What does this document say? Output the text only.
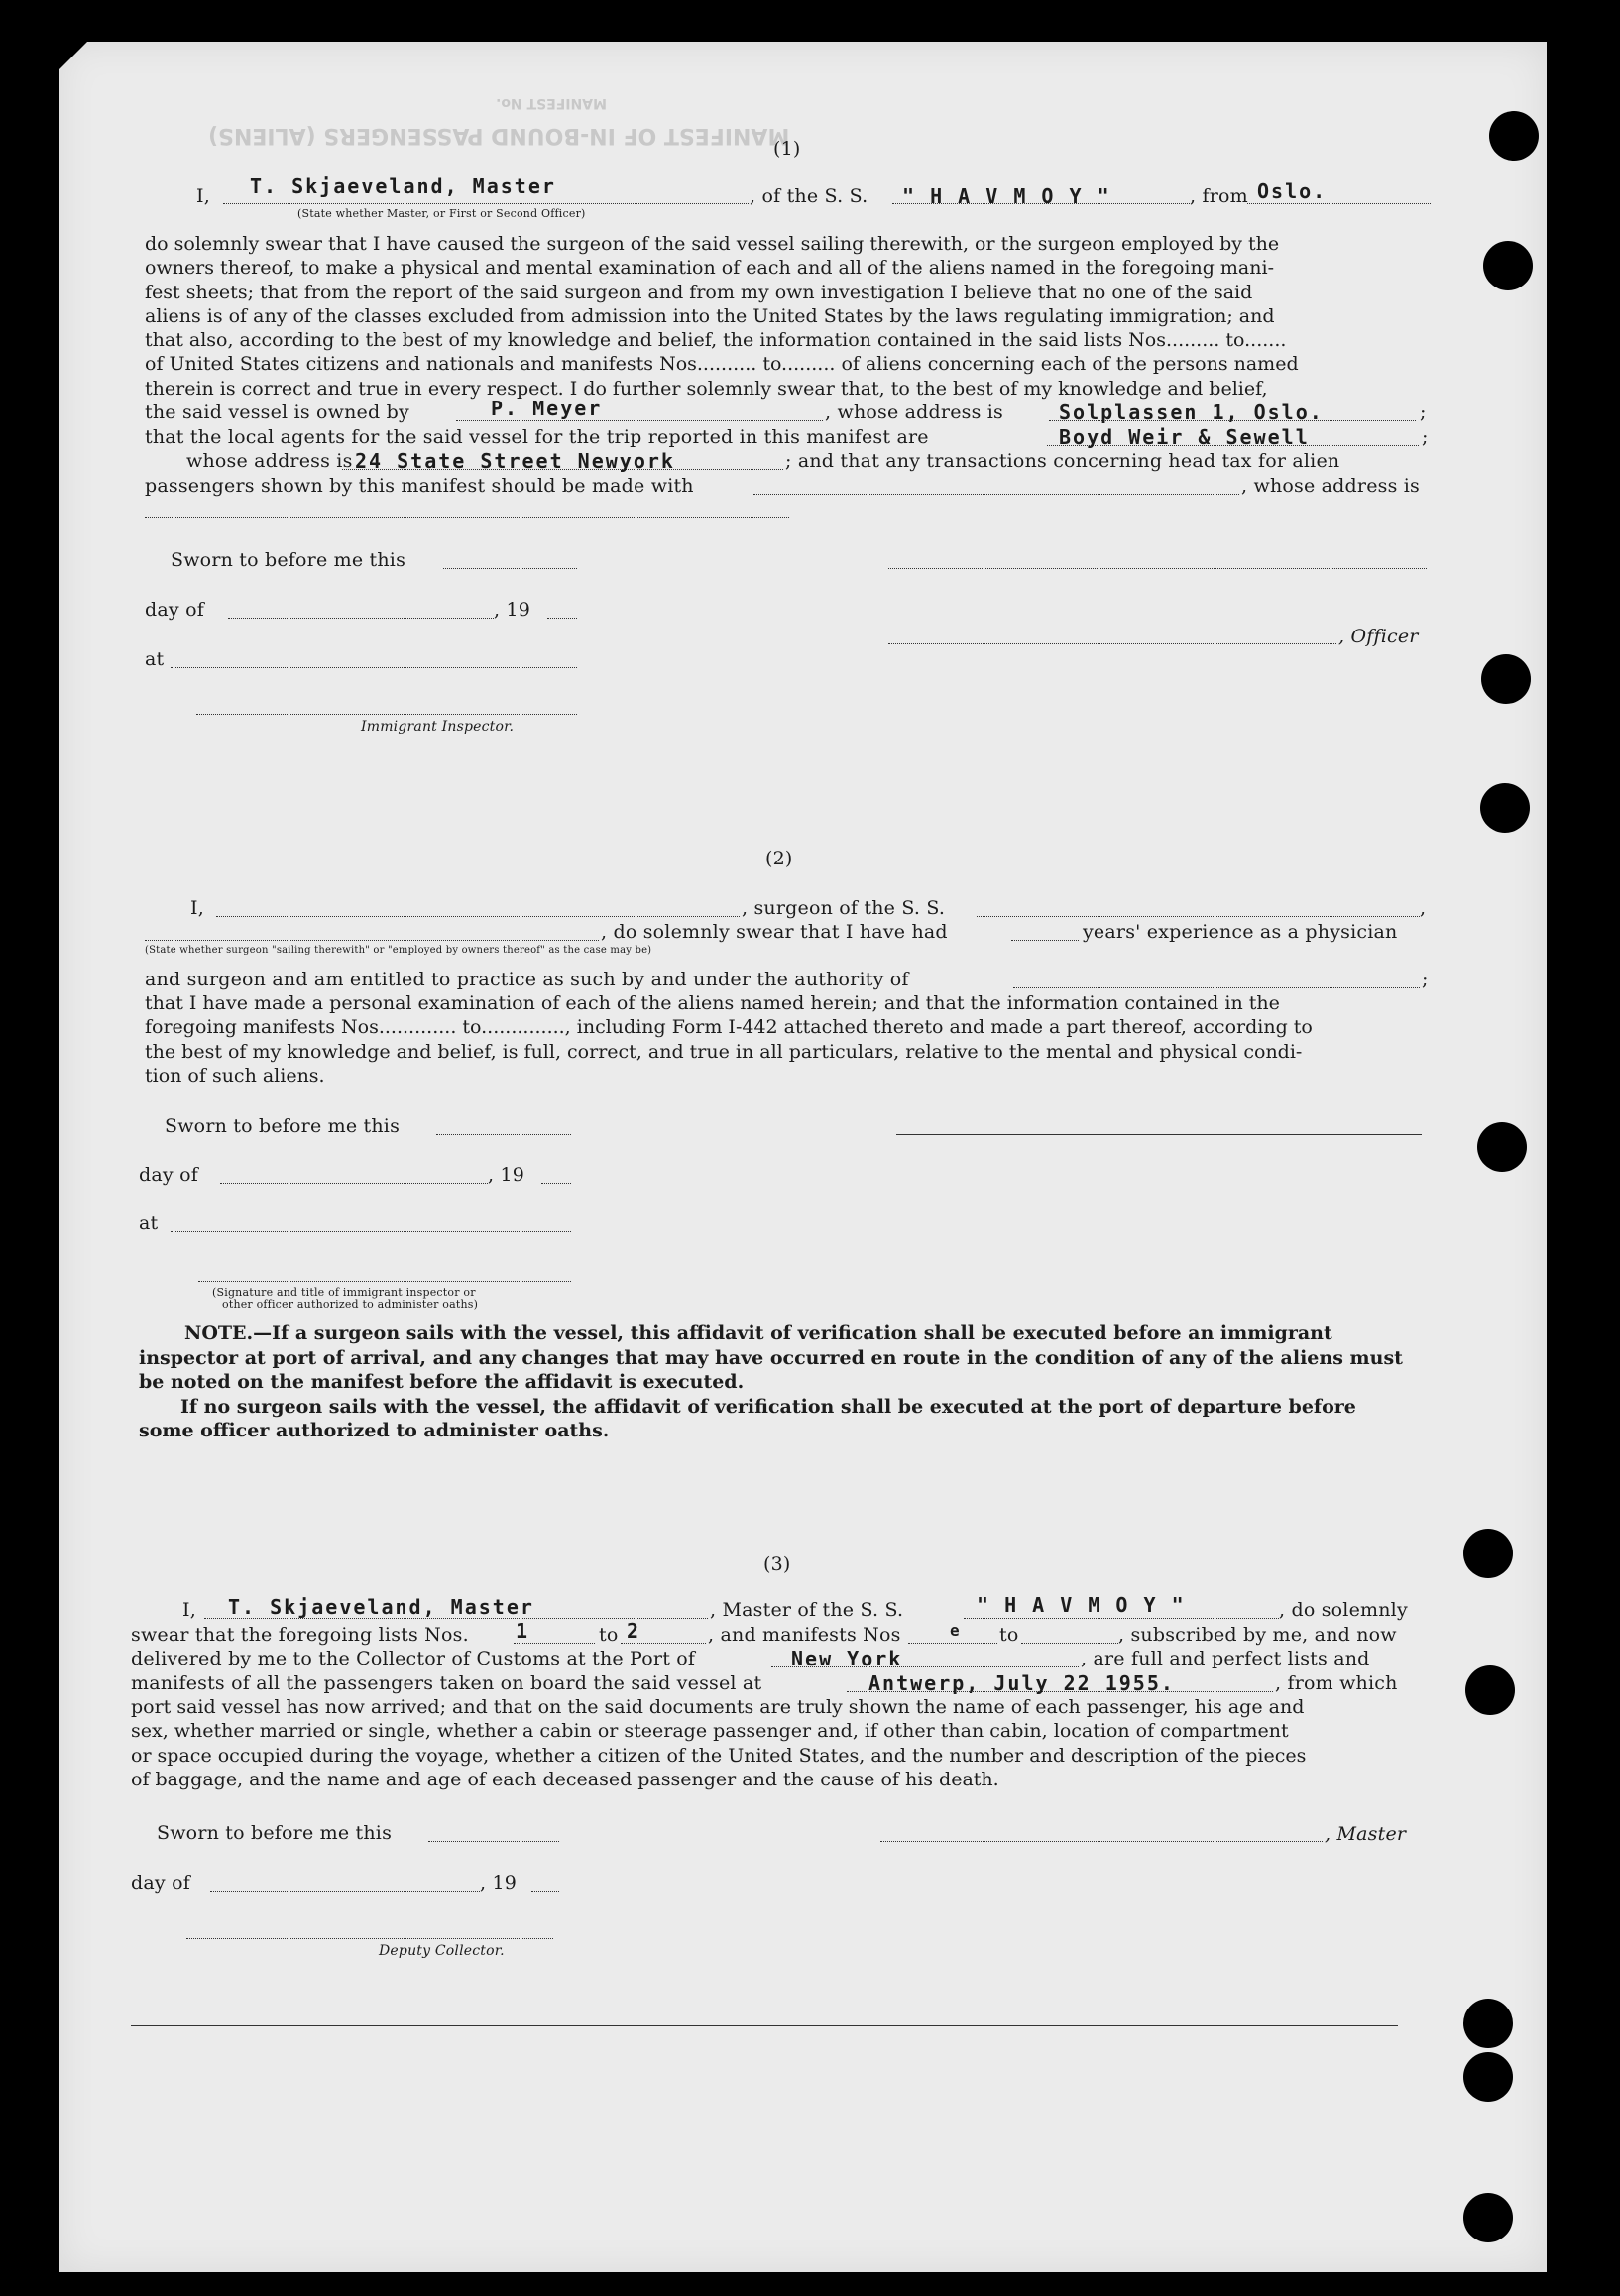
MANIFEST No.
MANIFEST OF IN-BOUND PASSENGERS (ALIENS)
(1)
I, T. Skjaeveland, Master	, of the S. S. " H A V M O Y "	, from Oslo.
(State whether Master, or First or Second Officer)
do solemnly swear that I have caused the surgeon of the said vessel sailing therewith, or the surgeon employed by the
owners thereof, to make a physical and mental examination of each and all of the aliens named in the foregoing mani-
fest sheets; that from the report of the said surgeon and from my own investigation I believe that no one of the said
aliens is of any of the classes excluded from admission into the United States by the laws regulating immigration; and
that also, according to the best of my knowledge and belief, the information contained in the said lists Nos......... to.......
of United States citizens and nationals and manifests Nos.......... to......... of aliens concerning each of the persons named
therein is correct and true in every respect. I do further solemnly swear that, to the best of my knowledge and belief,
the said vessel is owned by	P. Meyer	, whose address is	Solplassen 1, Oslo.	;
that the local agents for the said vessel for the trip reported in this manifest are	Boyd Weir & Sewell	;
whose address is 24 State Street Newyork	; and that any transactions concerning head tax for alien
passengers shown by this manifest should be made with	, whose address is
Sworn to before me this
day of	, 19
, Officer
at
Immigrant Inspector.
(2)
I,	, surgeon of the S. S.	,
, do solemnly swear that I have had	years' experience as a physician
(State whether surgeon "sailing therewith" or "employed by owners thereof" as the case may be)
and surgeon and am entitled to practice as such by and under the authority of	;
that I have made a personal examination of each of the aliens named herein; and that the information contained in the
foregoing manifests Nos............. to.............., including Form I-442 attached thereto and made a part thereof, according to
the best of my knowledge and belief, is full, correct, and true in all particulars, relative to the mental and physical condi-
tion of such aliens.
Sworn to before me this
day of	, 19
at
(Signature and title of immigrant inspector or
other officer authorized to administer oaths)
NOTE.—If a surgeon sails with the vessel, this affidavit of verification shall be executed before an immigrant
inspector at port of arrival, and any changes that may have occurred en route in the condition of any of the aliens must
be noted on the manifest before the affidavit is executed.
If no surgeon sails with the vessel, the affidavit of verification shall be executed at the port of departure before
some officer authorized to administer oaths.
(3)
I, T. Skjaeveland, Master	, Master of the S. S.	" H A V M O Y "	, do solemnly
swear that the foregoing lists Nos. 1	to 2	, and manifests Nos	e to	, subscribed by me, and now
delivered by me to the Collector of Customs at the Port of	New York	, are full and perfect lists and
manifests of all the passengers taken on board the said vessel at	Antwerp, July 22 1955.	, from which
port said vessel has now arrived; and that on the said documents are truly shown the name of each passenger, his age and
sex, whether married or single, whether a cabin or steerage passenger and, if other than cabin, location of compartment
or space occupied during the voyage, whether a citizen of the United States, and the number and description of the pieces
of baggage, and the name and age of each deceased passenger and the cause of his death.
Sworn to before me this	, Master
day of	, 19
Deputy Collector.
